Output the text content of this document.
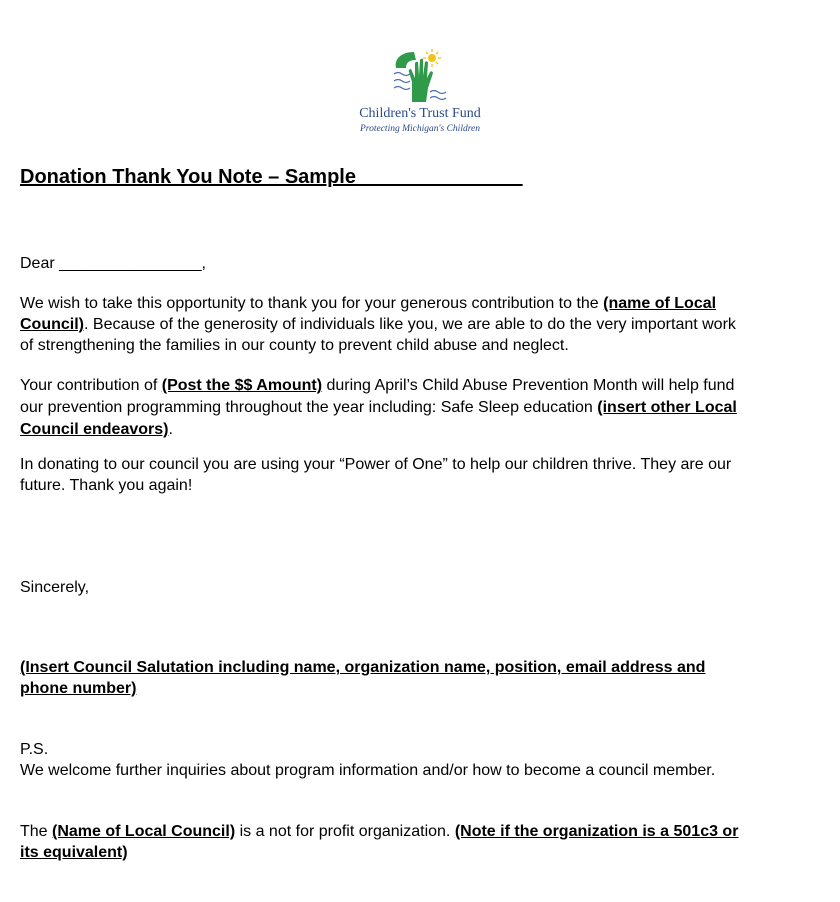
Children's Trust Fund
Protecting Michigan's Children
Donation Thank You Note – Sample
Dear ________________,
We wish to take this opportunity to thank you for your generous contribution to the (name of Local
Council). Because of the generosity of individuals like you, we are able to do the very important work
of strengthening the families in our county to prevent child abuse and neglect.
Your contribution of (Post the $$ Amount) during April’s Child Abuse Prevention Month will help fund
our prevention programming throughout the year including: Safe Sleep education (insert other Local
Council endeavors).
In donating to our council you are using your “Power of One” to help our children thrive. They are our
future. Thank you again!
Sincerely,
(Insert Council Salutation including name, organization name, position, email address and
phone number)
P.S.
We welcome further inquiries about program information and/or how to become a council member.
The (Name of Local Council) is a not for profit organization. (Note if the organization is a 501c3 or
its equivalent)
